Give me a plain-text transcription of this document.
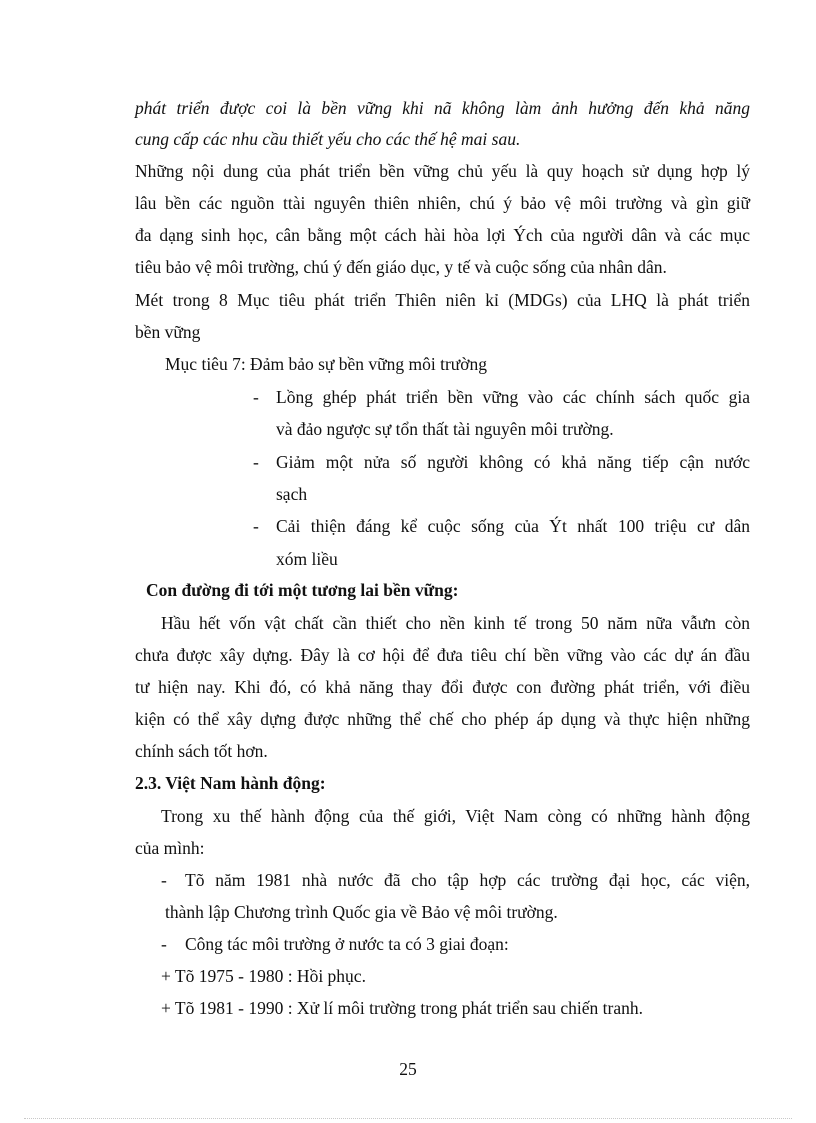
phát triển được coi là bền vững khi nã không làm ảnh hưởng đến khả năng
cung cấp các nhu cầu thiết yếu cho các thế hệ mai sau.
Những nội dung của phát triển bền vững chủ yếu là quy hoạch sử dụng hợp lý
lâu bền các nguồn ttài nguyên thiên nhiên, chú ý bảo vệ môi trường và gìn giữ
đa dạng sinh học, cân bằng một cách hài hòa lợi Ých của người dân và các mục
tiêu bảo vệ môi trường, chú ý đến giáo dục, y tế và cuộc sống của nhân dân.
Mét trong 8 Mục tiêu phát triển Thiên niên kỉ (MDGs) của LHQ là phát triển
bền vững
Mục tiêu 7: Đảm bảo sự bền vững môi trường
- Lồng ghép phát triển bền vững vào các chính sách quốc gia
và đảo ngược sự tổn thất tài nguyên môi trường.
- Giảm một nửa số người không có khả năng tiếp cận nước
sạch
- Cải thiện đáng kể cuộc sống của Ýt nhất 100 triệu cư dân
xóm liều
Con đường đi tới một tương lai bền vững:
Hầu hết vốn vật chất cần thiết cho nền kinh tế trong 50 năm nữa vẫưn còn
chưa được xây dựng. Đây là cơ hội để đưa tiêu chí bền vững vào các dự án đầu
tư hiện nay. Khi đó, có khả năng thay đổi được con đường phát triển, với điều
kiện có thể xây dựng được những thể chế cho phép áp dụng và thực hiện những
chính sách tốt hơn.
2.3. Việt Nam hành động:
Trong xu thế hành động của thế giới, Việt Nam còng có những hành động
của mình:
- Tõ năm 1981 nhà nước đã cho tập hợp các trường đại học, các viện,
thành lập Chương trình Quốc gia về Bảo vệ môi trường.
- Công tác môi trường ở nước ta có 3 giai đoạn:
+ Tõ 1975 - 1980 : Hồi phục.
+ Tõ 1981 - 1990 : Xử lí môi trường trong phát triển sau chiến tranh.
25
